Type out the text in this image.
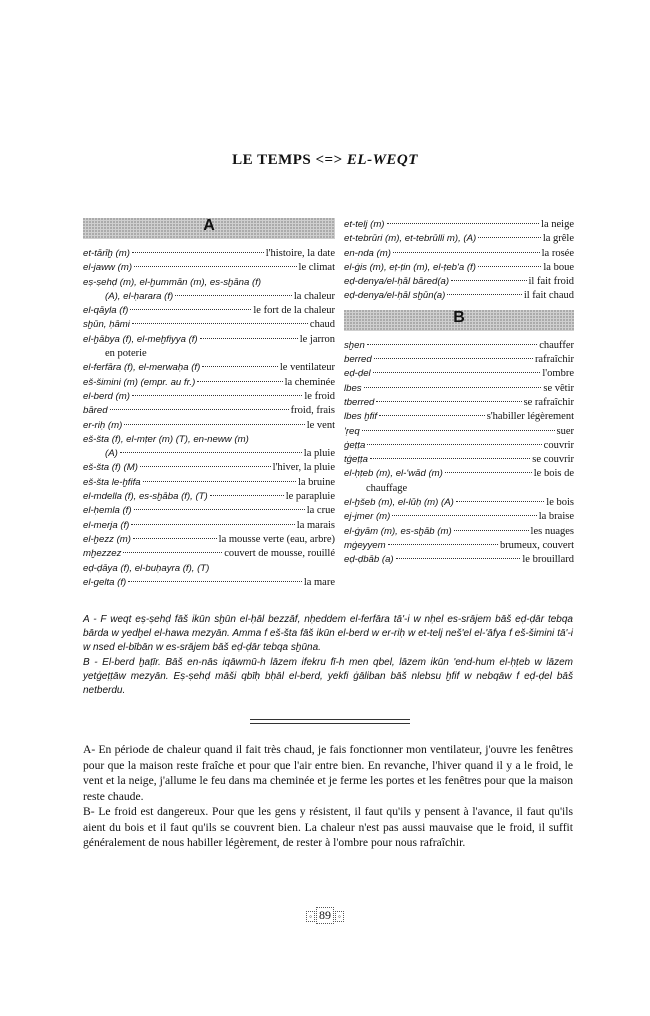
LE TEMPS <=> EL-WEQT
A
et-tārīḫ (m)	l'histoire, la date
el-jaww (m)	le climat
eṣ-ṣehḍ (m), el-ḫummān (m), es-sḫāna (f)
(A), el-ḥarara (f)	la chaleur
el-qāyla (f)	le fort de la chaleur
sḫūn, ḥāmi	chaud
el-ḫābya (f), el-meḫfiyya (f)	le jarron
en poterie
el-ferfāra (f), el-merwaḥa (f)	le ventilateur
eš-šimini (m) (empr. au fr.)	la cheminée
el-berd (m)	le froid
bāred	froid, frais
er-riḥ (m)	le vent
eš-šta (f), el-mṭer (m) (T), en-neww (m)
(A)	la pluie
eš-šta (f) (M)	l'hiver, la pluie
eš-šta le-ḫfifa	la bruine
el-mdella (f), es-sḫāba (f), (T)	le parapluie
el-ḥemla (f)	la crue
el-merja (f)	la marais
el-ḫezz (m)	la mousse verte (eau, arbre)
mḫezzez	couvert de mousse, rouillé
eḍ-ḍāya (f), el-buḥayra (f), (T)
el-gelta (f)	la mare
et-telj (m)	la neige
et-tebrūri (m), et-tebrūlli m), (A)	la grêle
en-nda (m)	la rosée
el-ġis (m), eṭ-ṭin (m), el-ṭeb'a (f)	la boue
eḍ-denya/el-ḥāl bāred(a)	il fait froid
eḍ-denya/el-ḥāl sḫūn(a)	il fait chaud
B
sḫen	chauffer
berred	rafraîchir
eḍ-ḍel	l'ombre
lbes	se vêtir
tberred	se rafraîchir
lbes ḫfif	s'habiller légèrement
'ṛeq	suer
ġeṭṭa	couvrir
tġeṭṭa	se couvrir
el-ḥṭeb (m), el-'wād (m)	le bois de
chauffage
el-ḫšeb (m), el-lūḥ (m) (A)	le bois
ej-jmer (m)	la braise
el-ġyām (m), es-sḫāb (m)	les nuages
mġeyyem	brumeux, couvert
eḍ-ḍbāb (a)	le brouillard
A - F weqt eṣ-ṣehḍ fāš ikūn sḫūn el-ḥāl bezzāf, nḥeddem el-ferfāra tā'-i w nḥel es-srājem bāš eḍ-ḍār tebqa bārda w yedḫel el-hawa mezyān. Amma f eš-šta fāš ikūn el-berd w er-riḥ w et-telj neš'el el-'āfya f eš-šimini tā'-i w nsed el-bībān w es-srājem bāš eḍ-ḍār tebqa sḫūna.
B - El-berd ḫaṭīr. Bāš en-nās iqāwmū-h lāzem ifekru fī-h men qbel, lāzem ikūn 'end-hum el-ḥṭeb w lāzem yetġeṭṭāw mezyān. Eṣ-ṣehḍ māši qbīḥ bḥāl el-berd, yekfi ġāliban bāš nlebsu ḫfif w nebqāw f eḍ-ḍel bāš netberdu.

A- En période de chaleur quand il fait très chaud, je fais fonctionner mon ventilateur, j'ouvre les fenêtres pour que la maison reste fraîche et pour que l'air entre bien. En revanche, l'hiver quand il y a le froid, le vent et la neige, j'allume le feu dans ma cheminée et je ferme les portes et les fenêtres pour que la maison reste chaude.

B- Le froid est dangereux. Pour que les gens y résistent, il faut qu'ils y pensent à l'avance, il faut qu'ils aient du bois et il faut qu'ils se couvrent bien. La chaleur n'est pas aussi mauvaise que le froid, il suffit généralement de nous habiller légèrement, de rester à l'ombre pour nous rafraîchir.

◦ 89 ◦
